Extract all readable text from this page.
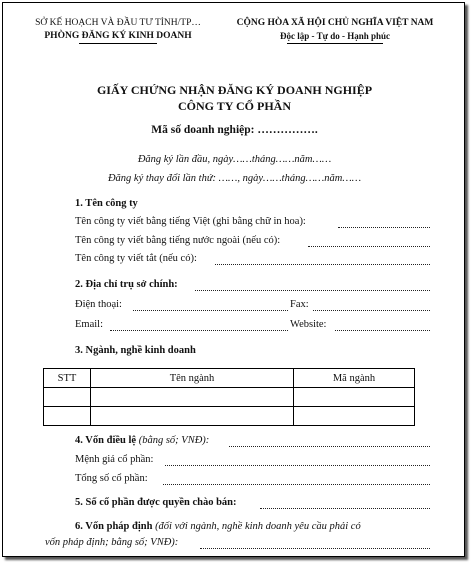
SỞ KẾ HOẠCH VÀ ĐẦU TƯ TỈNH/TP…
PHÒNG ĐĂNG KÝ KINH DOANH
CỘNG HÒA XÃ HỘI CHỦ NGHĨA VIỆT NAM
Độc lập - Tự do - Hạnh phúc
GIẤY CHỨNG NHẬN ĐĂNG KÝ DOANH NGHIỆP
CÔNG TY CỔ PHẦN
Mã số doanh nghiệp: …………….
Đăng ký lần đầu, ngày……tháng……năm……
Đăng ký thay đổi lần thứ: ……, ngày……tháng……năm……
1. Tên công ty
Tên công ty viết bằng tiếng Việt (ghi bằng chữ in hoa):
Tên công ty viết bằng tiếng nước ngoài (nếu có):
Tên công ty viết tắt (nếu có):
2. Địa chỉ trụ sở chính:
Điện thoại:	Fax:
Email:	Website:
3. Ngành, nghề kinh doanh
STT	Tên ngành	Mã ngành

4. Vốn điều lệ (bằng số; VNĐ):
Mệnh giá cổ phần:
Tổng số cổ phần:
5. Số cổ phần được quyền chào bán:
6. Vốn pháp định (đối với ngành, nghề kinh doanh yêu cầu phải có
vốn pháp định; bằng số; VNĐ):
